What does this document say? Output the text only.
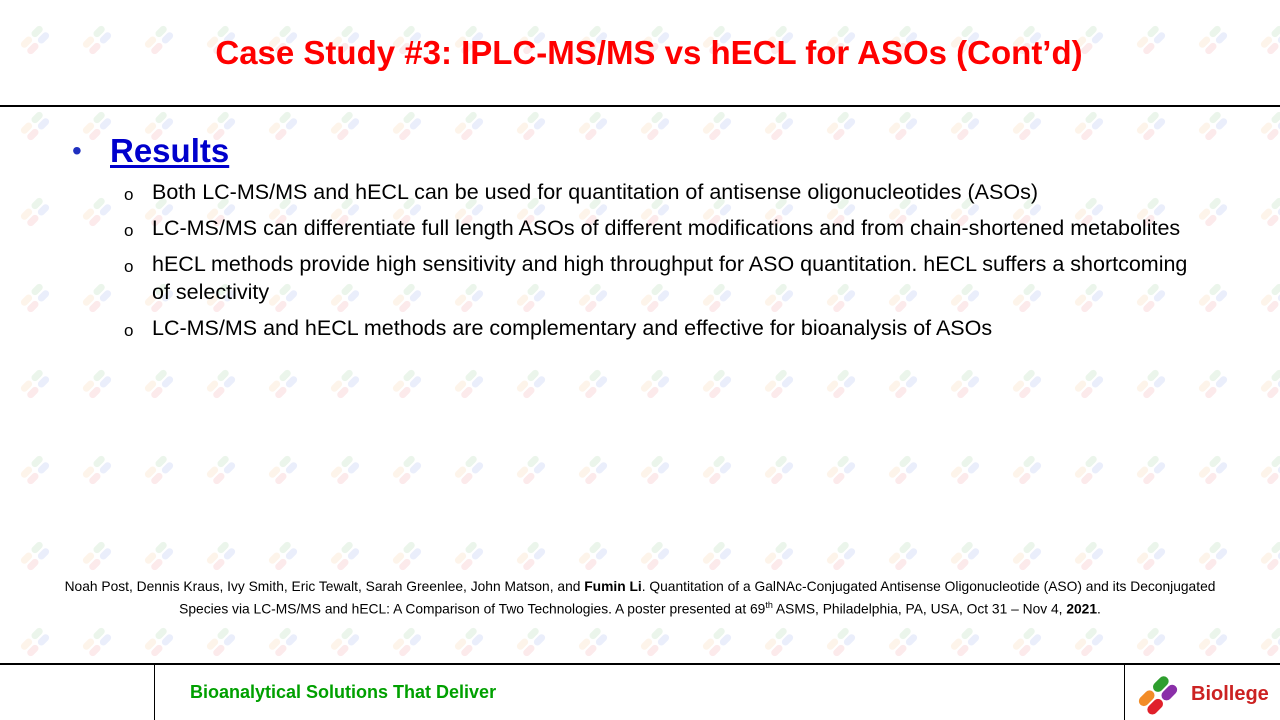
Case Study #3: IPLC-MS/MS vs hECL for ASOs (Cont’d)
• Results
o Both LC-MS/MS and hECL can be used for quantitation of antisense oligonucleotides (ASOs)
o LC-MS/MS can differentiate full length ASOs of different modifications and from chain-shortened metabolites
o hECL methods provide high sensitivity and high throughput for ASO quantitation. hECL suffers a shortcoming of selectivity
o LC-MS/MS and hECL methods are complementary and effective for bioanalysis of ASOs
Noah Post, Dennis Kraus, Ivy Smith, Eric Tewalt, Sarah Greenlee, John Matson, and Fumin Li. Quantitation of a GalNAc-Conjugated Antisense Oligonucleotide (ASO) and its Deconjugated Species via LC-MS/MS and hECL: A Comparison of Two Technologies. A poster presented at 69th ASMS, Philadelphia, PA, USA, Oct 31 – Nov 4, 2021.
Bioanalytical Solutions That Deliver	Biollege
